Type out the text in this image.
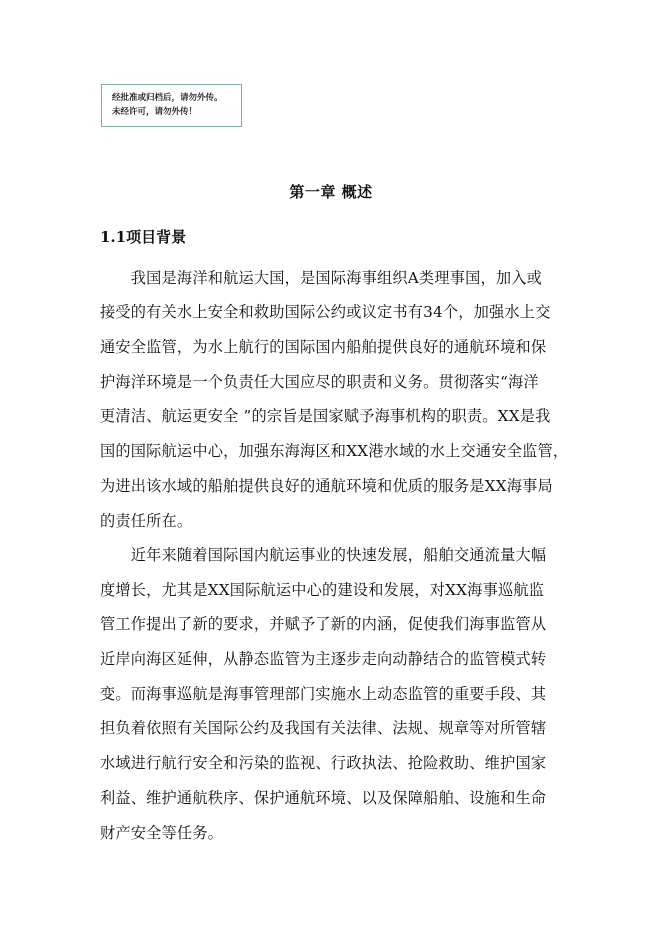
经批准或归档后，请勿外传。
未经许可，请勿外传！
第一章 概述
1.1项目背景
　　我国是海洋和航运大国，是国际海事组织A类理事国，加入或
接受的有关水上安全和救助国际公约或议定书有34个，加强水上交
通安全监管，为水上航行的国际国内船舶提供良好的通航环境和保
护海洋环境是一个负责任大国应尽的职责和义务。贯彻落实“海洋
更清洁、航运更安全 ”的宗旨是国家赋予海事机构的职责。XX是我
国的国际航运中心，加强东海海区和XX港水域的水上交通安全监管，
为进出该水域的船舶提供良好的通航环境和优质的服务是XX海事局
的责任所在。
　　近年来随着国际国内航运事业的快速发展，船舶交通流量大幅
度增长，尤其是XX国际航运中心的建设和发展，对XX海事巡航监
管工作提出了新的要求，并赋予了新的内涵，促使我们海事监管从
近岸向海区延伸，从静态监管为主逐步走向动静结合的监管模式转
变。而海事巡航是海事管理部门实施水上动态监管的重要手段、其
担负着依照有关国际公约及我国有关法律、法规、规章等对所管辖
水域进行航行安全和污染的监视、行政执法、抢险救助、维护国家
利益、维护通航秩序、保护通航环境、以及保障船舶、设施和生命
财产安全等任务。
